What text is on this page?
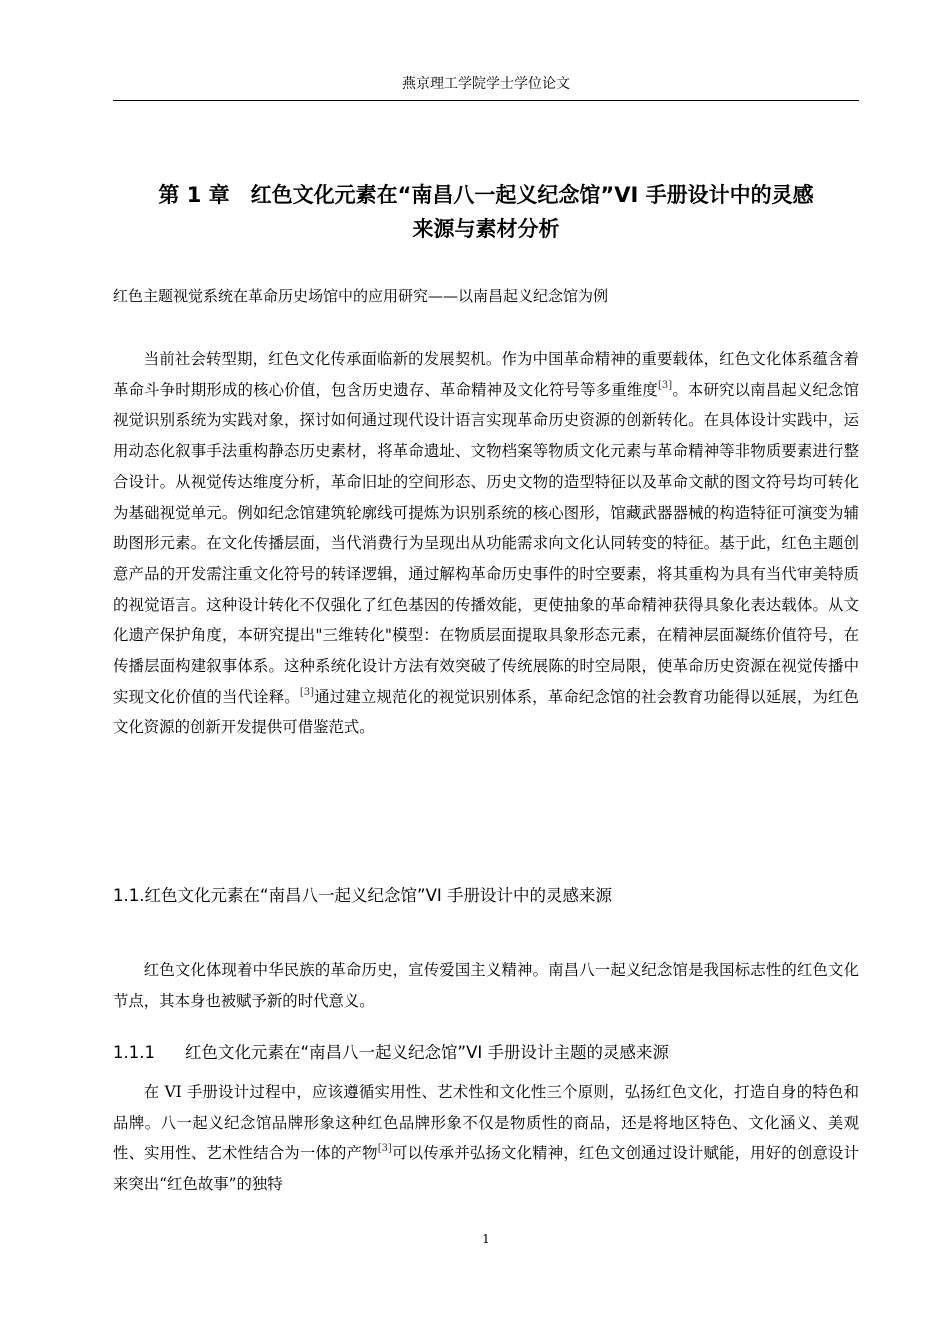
燕京理工学院学士学位论文
第 1 章　红色文化元素在“南昌八一起义纪念馆”VI 手册设计中的灵感
来源与素材分析
红色主题视觉系统在革命历史场馆中的应用研究——以南昌起义纪念馆为例
当前社会转型期，红色文化传承面临新的发展契机。作为中国革命精神的重要载体，红色文化体系蕴含着革命斗争时期形成的核心价值，包含历史遗存、革命精神及文化符号等多重维度[3]。本研究以南昌起义纪念馆视觉识别系统为实践对象，探讨如何通过现代设计语言实现革命历史资源的创新转化。在具体设计实践中，运用动态化叙事手法重构静态历史素材，将革命遗址、文物档案等物质文化元素与革命精神等非物质要素进行整合设计。从视觉传达维度分析，革命旧址的空间形态、历史文物的造型特征以及革命文献的图文符号均可转化为基础视觉单元。例如纪念馆建筑轮廓线可提炼为识别系统的核心图形，馆藏武器器械的构造特征可演变为辅助图形元素。在文化传播层面，当代消费行为呈现出从功能需求向文化认同转变的特征。基于此，红色主题创意产品的开发需注重文化符号的转译逻辑，通过解构革命历史事件的时空要素，将其重构为具有当代审美特质的视觉语言。这种设计转化不仅强化了红色基因的传播效能，更使抽象的革命精神获得具象化表达载体。从文化遗产保护角度，本研究提出"三维转化"模型：在物质层面提取具象形态元素，在精神层面凝练价值符号，在传播层面构建叙事体系。这种系统化设计方法有效突破了传统展陈的时空局限，使革命历史资源在视觉传播中实现文化价值的当代诠释。[3]通过建立规范化的视觉识别体系，革命纪念馆的社会教育功能得以延展，为红色文化资源的创新开发提供可借鉴范式。
1.1.红色文化元素在“南昌八一起义纪念馆”VI 手册设计中的灵感来源
红色文化体现着中华民族的革命历史，宣传爱国主义精神。南昌八一起义纪念馆是我国标志性的红色文化节点，其本身也被赋予新的时代意义。
1.1.1 红色文化元素在“南昌八一起义纪念馆”VI 手册设计主题的灵感来源
在 VI 手册设计过程中，应该遵循实用性、艺术性和文化性三个原则，弘扬红色文化，打造自身的特色和品牌。八一起义纪念馆品牌形象这种红色品牌形象不仅是物质性的商品，还是将地区特色、文化涵义、美观性、实用性、艺术性结合为一体的产物[3]可以传承并弘扬文化精神，红色文创通过设计赋能，用好的创意设计来突出“红色故事”的独特
1
